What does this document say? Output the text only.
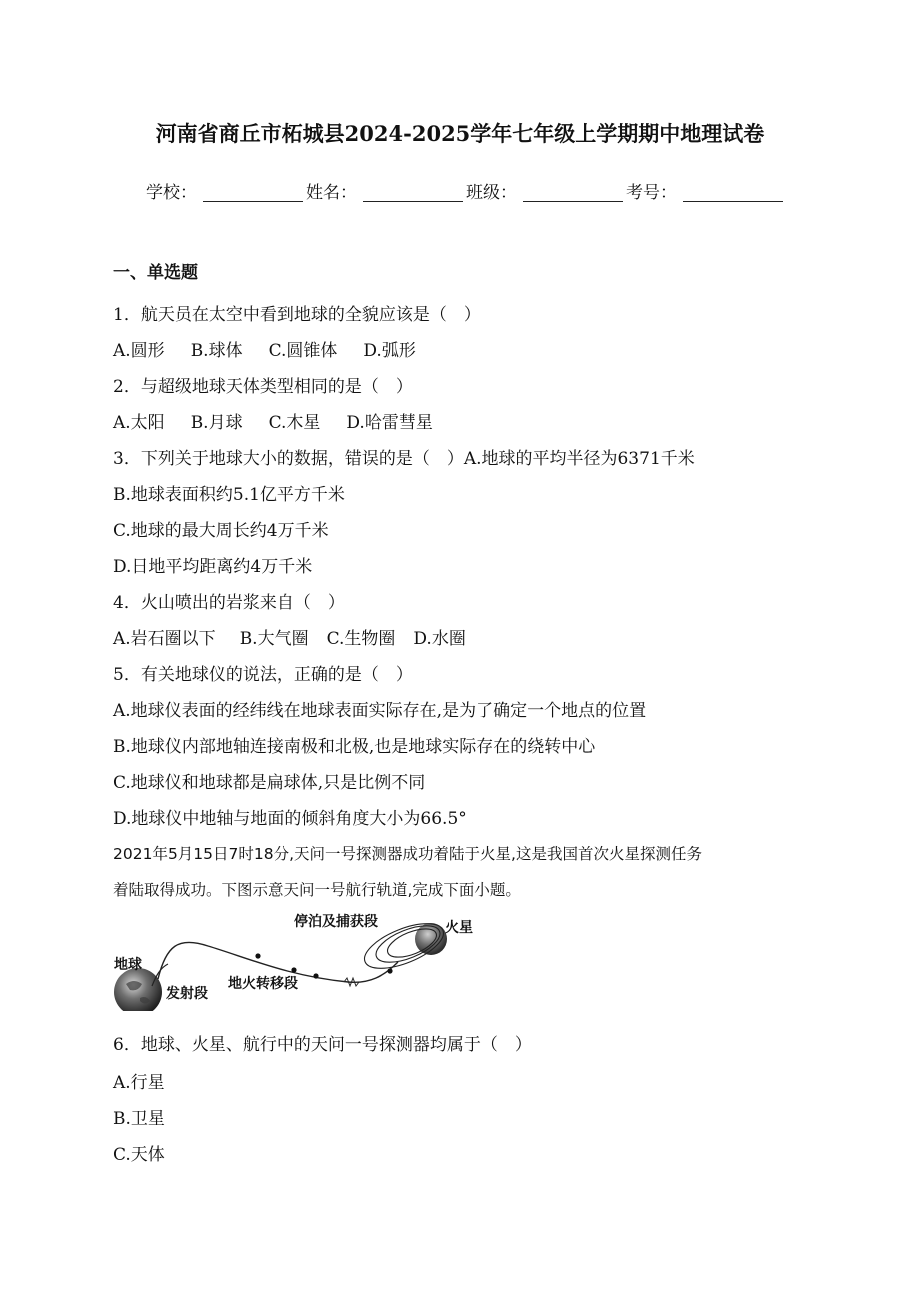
河南省商丘市柘城县2024-2025学年七年级上学期期中地理试卷
学校：	姓名：	班级：	考号：
一、单选题
1．航天员在太空中看到地球的全貌应该是（　）
A.圆形 B.球体 C.圆锥体 D.弧形
2．与超级地球天体类型相同的是（　）
A.太阳 B.月球 C.木星 D.哈雷彗星
3．下列关于地球大小的数据，错误的是（　）A.地球的平均半径为6371千米
B.地球表面积约5.1亿平方千米
C.地球的最大周长约4万千米
D.日地平均距离约4万千米
4．火山喷出的岩浆来自（　）
A.岩石圈以下 B.大气圈 C.生物圈 D.水圈
5．有关地球仪的说法，正确的是（　）
A.地球仪表面的经纬线在地球表面实际存在,是为了确定一个地点的位置
B.地球仪内部地轴连接南极和北极,也是地球实际存在的绕转中心
C.地球仪和地球都是扁球体,只是比例不同
D.地球仪中地轴与地面的倾斜角度大小为66.5°
2021年5月15日7时18分,天问一号探测器成功着陆于火星,这是我国首次火星探测任务
着陆取得成功。下图示意天问一号航行轨道,完成下面小题。
地球
发射段
地火转移段
停泊及捕获段	火星
6．地球、火星、航行中的天问一号探测器均属于（　）
A.行星
B.卫星
C.天体
